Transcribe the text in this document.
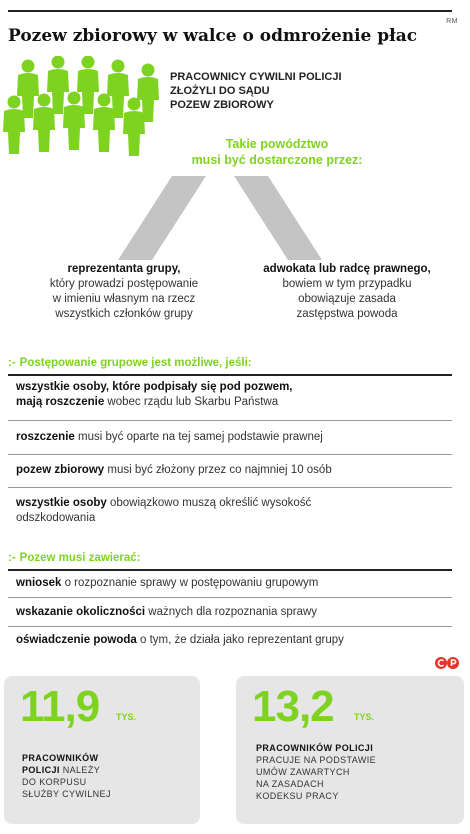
RM
Pozew zbiorowy w walce o odmrożenie płac
PRACOWNICY CYWILNI POLICJI
ZŁOŻYLI DO SĄDU
POZEW ZBIOROWY
Takie powództwo
musi być dostarczone przez:
reprezentanta grupy,
który prowadzi postępowanie
w imieniu własnym na rzecz
wszystkich członków grupy
adwokata lub radcę prawnego,
bowiem w tym przypadku
obowiązuje zasada
zastępstwa powoda
:- Postępowanie grupowe jest możliwe, jeśli:
wszystkie osoby, które podpisały się pod pozwem,
mają roszczenie wobec rządu lub Skarbu Państwa
roszczenie musi być oparte na tej samej podstawie prawnej
pozew zbiorowy musi być złożony przez co najmniej 10 osób
wszystkie osoby obowiązkowo muszą określić wysokość
odszkodowania
:- Pozew musi zawierać:
wniosek o rozpoznanie sprawy w postępowaniu grupowym
wskazanie okoliczności ważnych dla rozpoznania sprawy
oświadczenie powoda o tym, że działa jako reprezentant grupy
11,9 TYS.
PRACOWNIKÓW
POLICJI NALEŻY
DO KORPUSU
SŁUŻBY CYWILNEJ
13,2 TYS.
PRACOWNIKÓW POLICJI
PRACUJE NA PODSTAWIE
UMÓW ZAWARTYCH
NA ZASADACH
KODEKSU PRACY
